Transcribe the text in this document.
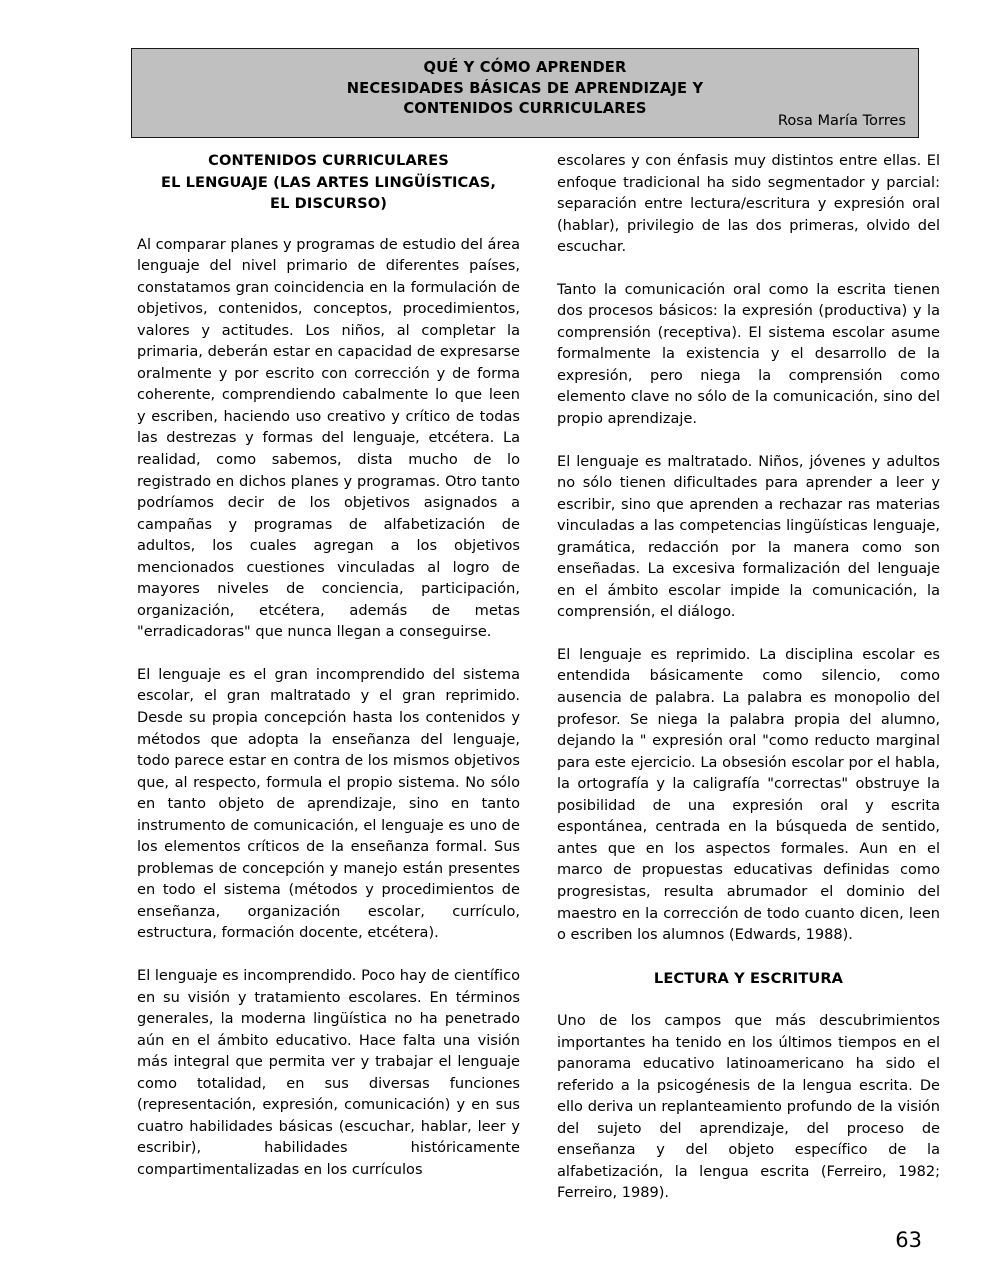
QUÉ Y CÓMO APRENDER
NECESIDADES BÁSICAS DE APRENDIZAJE Y
CONTENIDOS CURRICULARES
Rosa María Torres
CONTENIDOS CURRICULARES
EL LENGUAJE (LAS ARTES LINGÜÍSTICAS,
EL DISCURSO)

Al comparar planes y programas de estudio del área lenguaje del nivel primario de diferentes países, constatamos gran coincidencia en la formulación de objetivos, contenidos, conceptos, procedimientos, valores y actitudes. Los niños, al completar la primaria, deberán estar en capacidad de expresarse oralmente y por escrito con corrección y de forma coherente, comprendiendo cabalmente lo que leen y escriben, haciendo uso creativo y crítico de todas las destrezas y formas del lenguaje, etcétera. La realidad, como sabemos, dista mucho de lo registrado en dichos planes y programas. Otro tanto podríamos decir de los objetivos asignados a campañas y programas de alfabetización de adultos, los cuales agregan a los objetivos mencionados cuestiones vinculadas al logro de mayores niveles de conciencia, participación, organización, etcétera, además de metas "erradicadoras" que nunca llegan a conseguirse.

El lenguaje es el gran incomprendido del sistema escolar, el gran maltratado y el gran reprimido. Desde su propia concepción hasta los contenidos y métodos que adopta la enseñanza del lenguaje, todo parece estar en contra de los mismos objetivos que, al respecto, formula el propio sistema. No sólo en tanto objeto de aprendizaje, sino en tanto instrumento de comunicación, el lenguaje es uno de los elementos críticos de la enseñanza formal. Sus problemas de concepción y manejo están presentes en todo el sistema (métodos y procedimientos de enseñanza, organización escolar, currículo, estructura, formación docente, etcétera).

El lenguaje es incomprendido. Poco hay de científico en su visión y tratamiento escolares. En términos generales, la moderna lingüística no ha penetrado aún en el ámbito educativo. Hace falta una visión más integral que permita ver y trabajar el lenguaje como totalidad, en sus diversas funciones (representación, expresión, comunicación) y en sus cuatro habilidades básicas (escuchar, hablar, leer y escribir), habilidades históricamente compartimentalizadas en los currículos

escolares y con énfasis muy distintos entre ellas. El enfoque tradicional ha sido segmentador y parcial: separación entre lectura/escritura y expresión oral (hablar), privilegio de las dos primeras, olvido del escuchar.

Tanto la comunicación oral como la escrita tienen dos procesos básicos: la expresión (productiva) y la comprensión (receptiva). El sistema escolar asume formalmente la existencia y el desarrollo de la expresión, pero niega la comprensión como elemento clave no sólo de la comunicación, sino del propio aprendizaje.

El lenguaje es maltratado. Niños, jóvenes y adultos no sólo tienen dificultades para aprender a leer y escribir, sino que aprenden a rechazar ras materias vinculadas a las competencias lingüísticas lenguaje, gramática, redacción por la manera como son enseñadas. La excesiva formalización del lenguaje en el ámbito escolar impide la comunicación, la comprensión, el diálogo.

El lenguaje es reprimido. La disciplina escolar es entendida básicamente como silencio, como ausencia de palabra. La palabra es monopolio del profesor. Se niega la palabra propia del alumno, dejando la " expresión oral "como reducto marginal para este ejercicio. La obsesión escolar por el habla, la ortografía y la caligrafía "correctas" obstruye la posibilidad de una expresión oral y escrita espontánea, centrada en la búsqueda de sentido, antes que en los aspectos formales. Aun en el marco de propuestas educativas definidas como progresistas, resulta abrumador el dominio del maestro en la corrección de todo cuanto dicen, leen o escriben los alumnos (Edwards, 1988).

LECTURA Y ESCRITURA

Uno de los campos que más descubrimientos importantes ha tenido en los últimos tiempos en el panorama educativo latinoamericano ha sido el referido a la psicogénesis de la lengua escrita. De ello deriva un replanteamiento profundo de la visión del sujeto del aprendizaje, del proceso de enseñanza y del objeto específico de la alfabetización, la lengua escrita (Ferreiro, 1982; Ferreiro, 1989).

63
